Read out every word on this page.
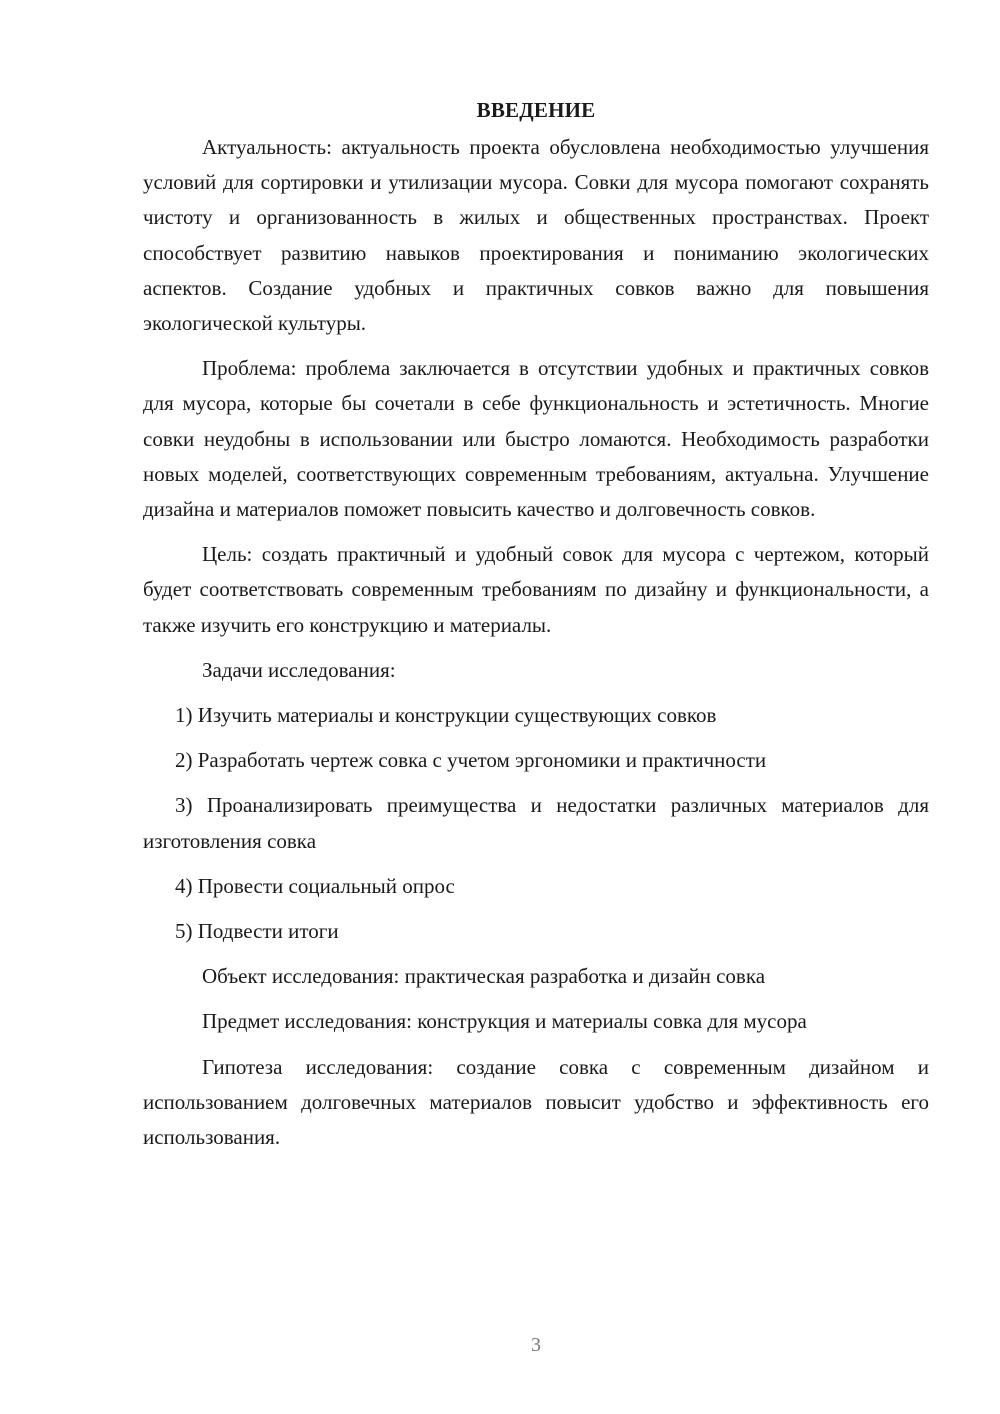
ВВЕДЕНИЕ

Актуальность: актуальность проекта обусловлена необходимостью улучшения условий для сортировки и утилизации мусора. Совки для мусора помогают сохранять чистоту и организованность в жилых и общественных пространствах. Проект способствует развитию навыков проектирования и пониманию экологических аспектов. Создание удобных и практичных совков важно для повышения экологической культуры.

Проблема: проблема заключается в отсутствии удобных и практичных совков для мусора, которые бы сочетали в себе функциональность и эстетичность. Многие совки неудобны в использовании или быстро ломаются. Необходимость разработки новых моделей, соответствующих современным требованиям, актуальна. Улучшение дизайна и материалов поможет повысить качество и долговечность совков.

Цель: создать практичный и удобный совок для мусора с чертежом, который будет соответствовать современным требованиям по дизайну и функциональности, а также изучить его конструкцию и материалы.

Задачи исследования:
1) Изучить материалы и конструкции существующих совков
2) Разработать чертеж совка с учетом эргономики и практичности

3) Проанализировать преимущества и недостатки различных материалов для изготовления совка

4) Провести социальный опрос
5) Подвести итоги
Объект исследования: практическая разработка и дизайн совка
Предмет исследования: конструкция и материалы совка для мусора

Гипотеза исследования: создание совка с современным дизайном и использованием долговечных материалов повысит удобство и эффективность его использования.

3
